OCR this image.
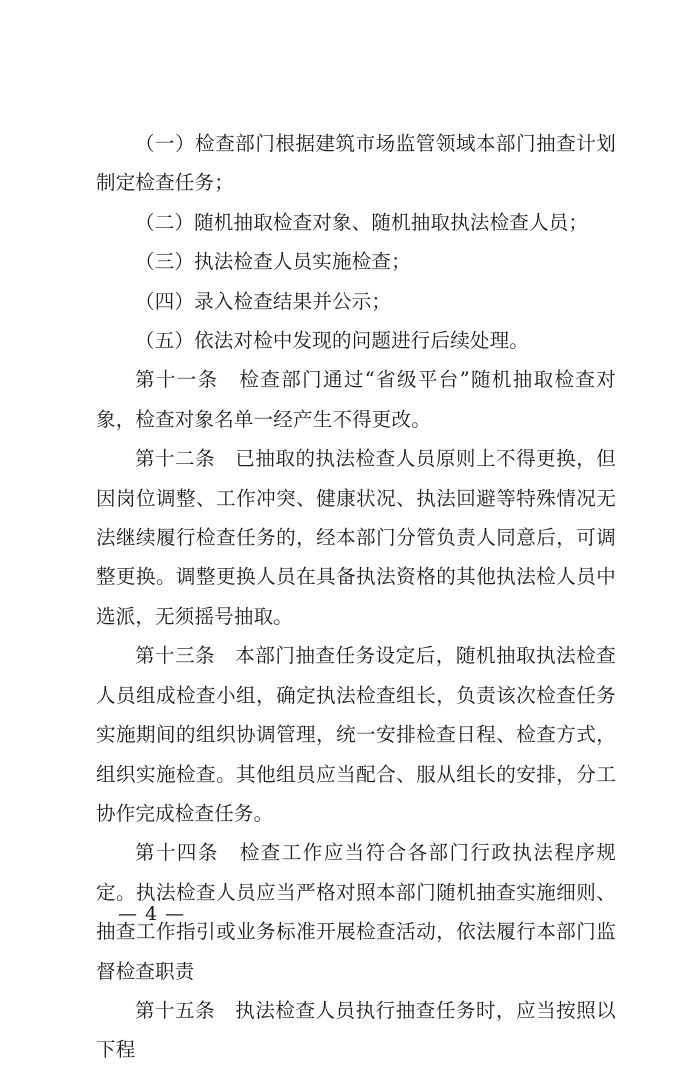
（一）检查部门根据建筑市场监管领域本部门抽查计划制定检查任务；

（二）随机抽取检查对象、随机抽取执法检查人员；

（三）执法检查人员实施检查；

（四）录入检查结果并公示；

（五）依法对检中发现的问题进行后续处理。

第十一条　检查部门通过“省级平台”随机抽取检查对象，检查对象名单一经产生不得更改。

第十二条　已抽取的执法检查人员原则上不得更换，但因岗位调整、工作冲突、健康状况、执法回避等特殊情况无法继续履行检查任务的，经本部门分管负责人同意后，可调整更换。调整更换人员在具备执法资格的其他执法检人员中选派，无须摇号抽取。

第十三条　本部门抽查任务设定后，随机抽取执法检查人员组成检查小组，确定执法检查组长，负责该次检查任务实施期间的组织协调管理，统一安排检查日程、检查方式，组织实施检查。其他组员应当配合、服从组长的安排，分工协作完成检查任务。

第十四条　检查工作应当符合各部门行政执法程序规定。执法检查人员应当严格对照本部门随机抽查实施细则、抽查工作指引或业务标准开展检查活动，依法履行本部门监督检查职责

第十五条　执法检查人员执行抽查任务时，应当按照以下程

— 4 —
